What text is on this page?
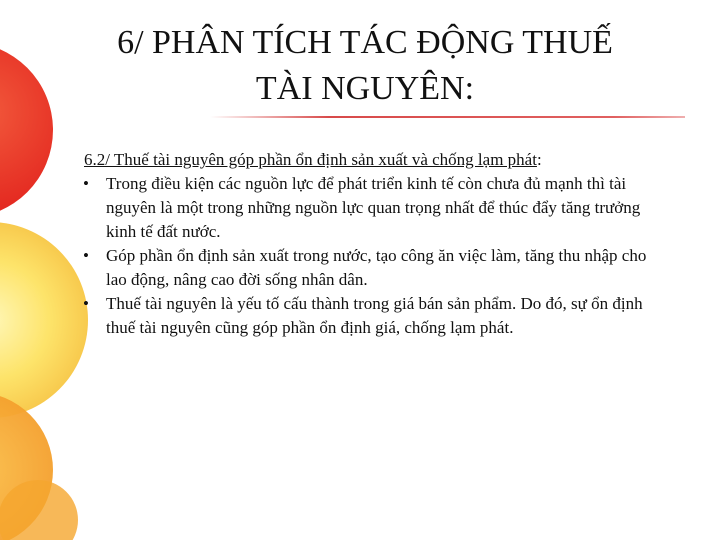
6/ PHÂN TÍCH TÁC ĐỘNG THUẾ
TÀI NGUYÊN:

6.2/ Thuế tài nguyên góp phần ổn định sản xuất và chống lạm phát:

• Trong điều kiện các nguồn lực để phát triển kinh tế còn chưa đủ mạnh thì tài nguyên là một trong những nguồn lực quan trọng nhất để thúc đẩy tăng trưởng kinh tế đất nước.
• Góp phần ổn định sản xuất trong nước, tạo công ăn việc làm, tăng thu nhập cho lao động, nâng cao đời sống nhân dân.
• Thuế tài nguyên là yếu tố cấu thành trong giá bán sản phẩm. Do đó, sự ổn định thuế tài nguyên cũng góp phần ổn định giá, chống lạm phát.
